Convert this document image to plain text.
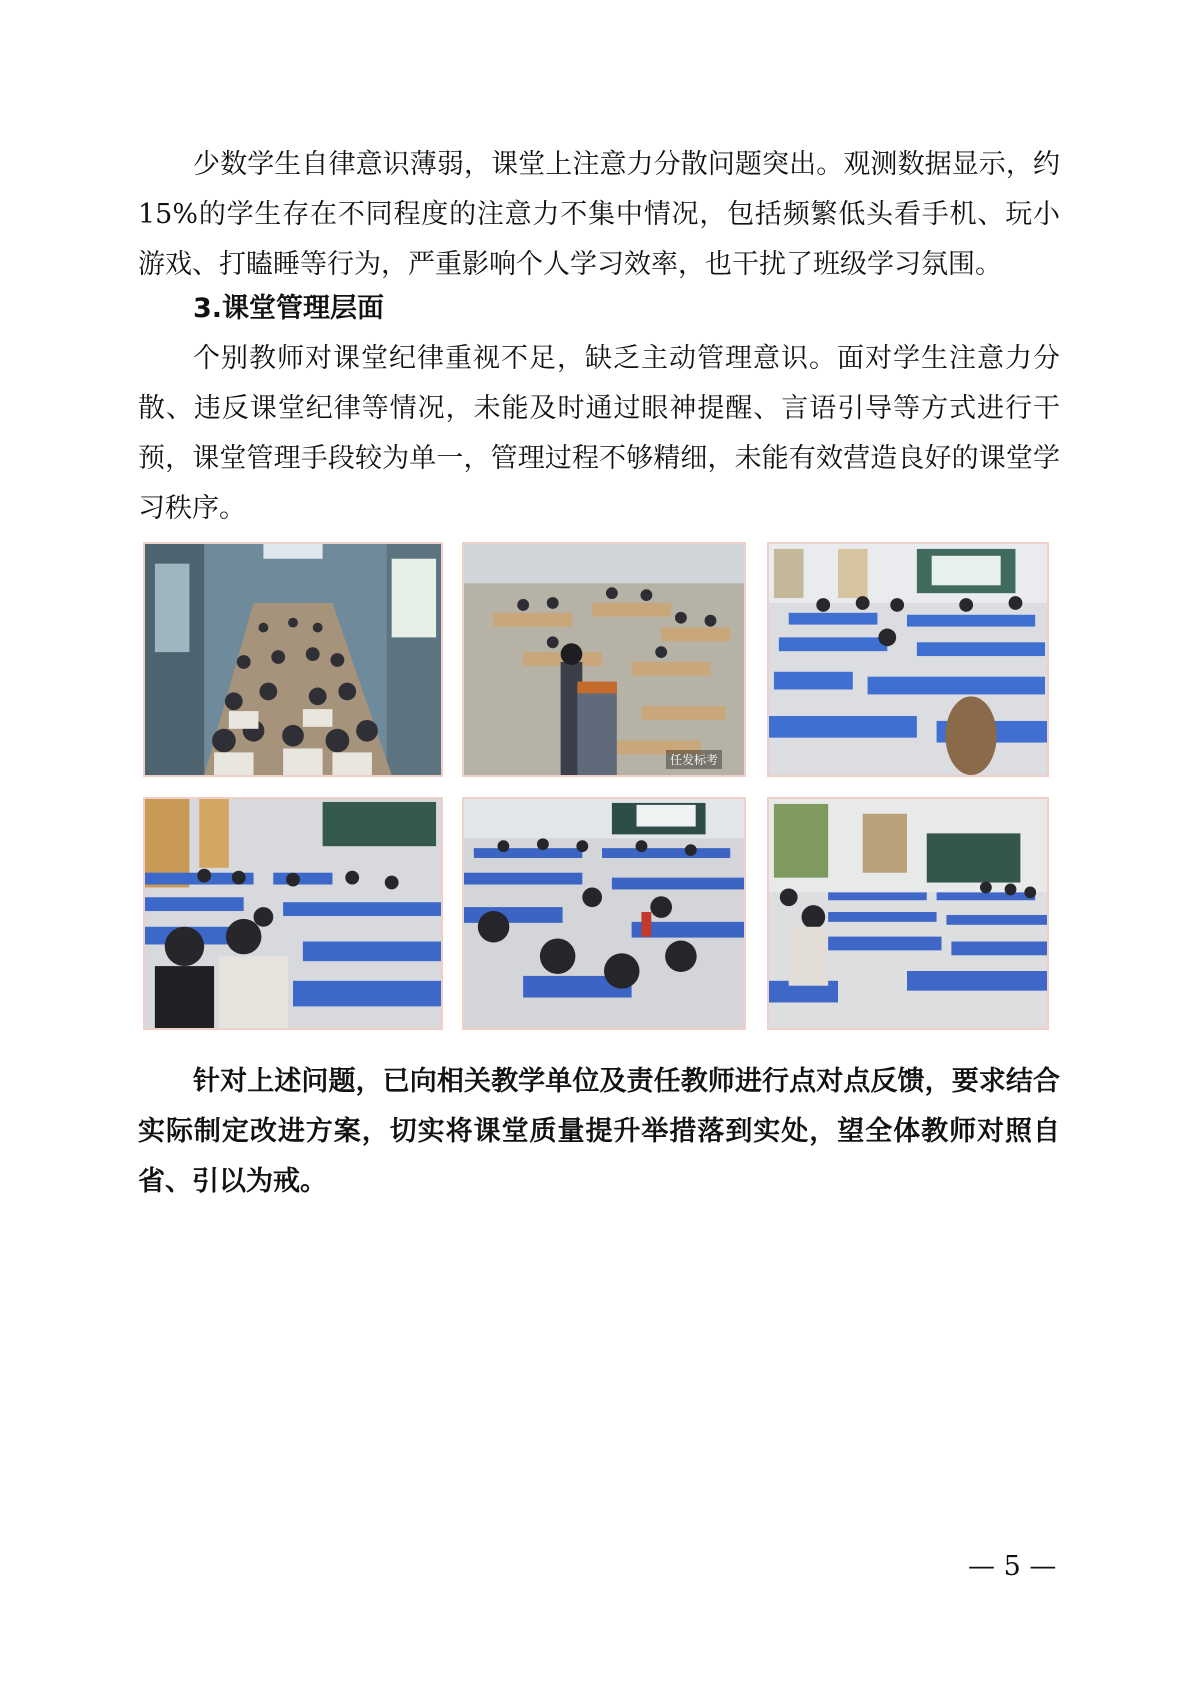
少数学生自律意识薄弱，课堂上注意力分散问题突出。观测数据显示，约 15%的学生存在不同程度的注意力不集中情况，包括频繁低头看手机、玩小游戏、打瞌睡等行为，严重影响个人学习效率，也干扰了班级学习氛围。

3.课堂管理层面

个别教师对课堂纪律重视不足，缺乏主动管理意识。面对学生注意力分散、违反课堂纪律等情况，未能及时通过眼神提醒、言语引导等方式进行干预，课堂管理手段较为单一，管理过程不够精细，未能有效营造良好的课堂学习秩序。

任发标考

针对上述问题，已向相关教学单位及责任教师进行点对点反馈，要求结合实际制定改进方案，切实将课堂质量提升举措落到实处，望全体教师对照自省、引以为戒。

— 5 —
